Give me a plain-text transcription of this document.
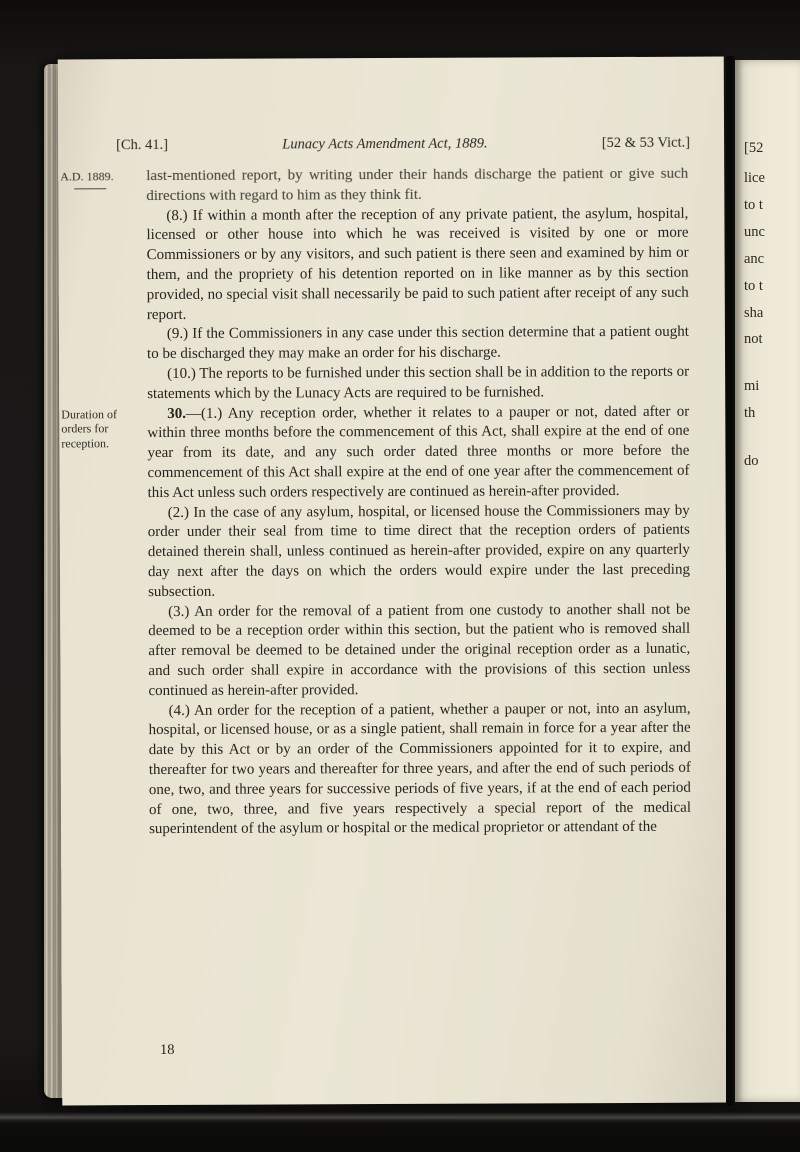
[Ch. 41.]	Lunacy Acts Amendment Act, 1889.	[52 & 53 Vict.]

A.D. 1889.	last-mentioned report, by writing under their hands discharge the patient or give such directions with regard to him as they think fit.

(8.) If within a month after the reception of any private patient, the asylum, hospital, licensed or other house into which he was received is visited by one or more Commissioners or by any visitors, and such patient is there seen and examined by him or them, and the propriety of his detention reported on in like manner as by this section provided, no special visit shall necessarily be paid to such patient after receipt of any such report.

(9.) If the Commissioners in any case under this section determine that a patient ought to be discharged they may make an order for his discharge.

(10.) The reports to be furnished under this section shall be in addition to the reports or statements which by the Lunacy Acts are required to be furnished.

Duration of orders for reception.
30.—(1.) Any reception order, whether it relates to a pauper or not, dated after or within three months before the commencement of this Act, shall expire at the end of one year from its date, and any such order dated three months or more before the commencement of this Act shall expire at the end of one year after the commencement of this Act unless such orders respectively are continued as herein-after provided.

(2.) In the case of any asylum, hospital, or licensed house the Commissioners may by order under their seal from time to time direct that the reception orders of patients detained therein shall, unless continued as herein-after provided, expire on any quarterly day next after the days on which the orders would expire under the last preceding subsection.

(3.) An order for the removal of a patient from one custody to another shall not be deemed to be a reception order within this section, but the patient who is removed shall after removal be deemed to be detained under the original reception order as a lunatic, and such order shall expire in accordance with the provisions of this section unless continued as herein-after provided.

(4.) An order for the reception of a patient, whether a pauper or not, into an asylum, hospital, or licensed house, or as a single patient, shall remain in force for a year after the date by this Act or by an order of the Commissioners appointed for it to expire, and thereafter for two years and thereafter for three years, and after the end of such periods of one, two, and three years for successive periods of five years, if at the end of each period of one, two, three, and five years respectively a special report of the medical superintendent of the asylum or hospital or the medical proprietor or attendant of the

18
[52
lice
to t
unc
anc
to t
sha
not
mi
th
do
